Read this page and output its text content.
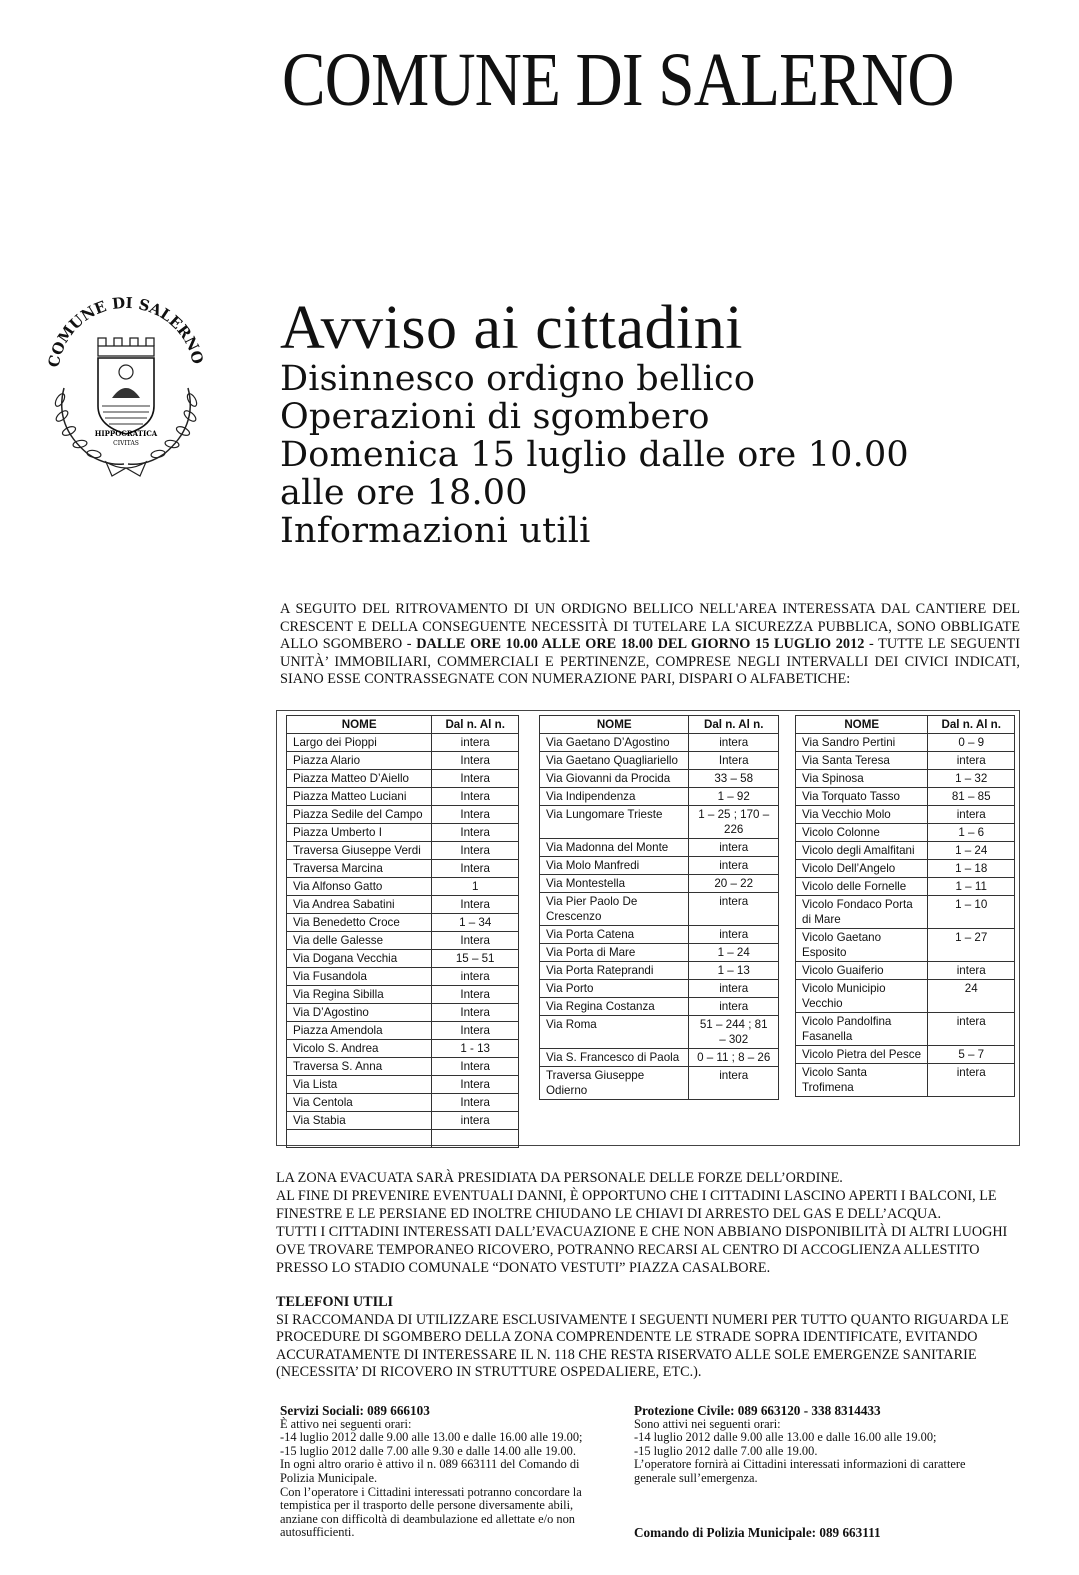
COMUNE DI SALERNO
COMUNE DI SALERNO
HIPPOCRATICA
CIVITAS
Avviso ai cittadini
Disinnesco ordigno bellico
Operazioni di sgombero
Domenica 15 luglio dalle ore 10.00
alle ore 18.00
Informazioni utili
A SEGUITO DEL RITROVAMENTO DI UN ORDIGNO BELLICO NELL'AREA INTERESSATA DAL CANTIERE DEL CRESCENT E DELLA CONSEGUENTE NECESSITÀ DI TUTELARE LA SICUREZZA PUBBLICA, SONO OBBLIGATE ALLO SGOMBERO - DALLE ORE 10.00 ALLE ORE 18.00 DEL GIORNO 15 LUGLIO 2012 - TUTTE LE SEGUENTI UNITÀ’ IMMOBILIARI, COMMERCIALI E PERTINENZE, COMPRESE NEGLI INTERVALLI DEI CIVICI INDICATI, SIANO ESSE CONTRASSEGNATE CON NUMERAZIONE PARI, DISPARI O ALFABETICHE:
NOME	Dal n. Al n.
Largo dei Pioppi	intera
Piazza Alario	Intera
Piazza Matteo D’Aiello	Intera
Piazza Matteo Luciani	Intera
Piazza Sedile del Campo	Intera
Piazza Umberto I	Intera
Traversa Giuseppe Verdi	Intera
Traversa Marcina	Intera
Via Alfonso Gatto	1
Via Andrea Sabatini	Intera
Via Benedetto Croce	1 – 34
Via delle Galesse	Intera
Via Dogana Vecchia	15 – 51
Via Fusandola	intera
Via Regina Sibilla	Intera
Via D’Agostino	Intera
Piazza Amendola	Intera
Vicolo S. Andrea	1 - 13
Traversa S. Anna	Intera
Via Lista	Intera
Via Centola	Intera
Via Stabia	intera

NOME	Dal n. Al n.
Via Gaetano D’Agostino	intera
Via Gaetano Quagliariello	Intera
Via Giovanni da Procida	33 – 58
Via Indipendenza	1 – 92
Via Lungomare Trieste	1 – 25 ; 170 – 226
Via Madonna del Monte	intera
Via Molo Manfredi	intera
Via Montestella	20 – 22
Via Pier Paolo De Crescenzo	intera
Via Porta Catena	intera
Via Porta di Mare	1 – 24
Via Porta Rateprandi	1 – 13
Via Porto	intera
Via Regina Costanza	intera
Via Roma	51 – 244 ; 81 – 302
Via S. Francesco di Paola	0 – 11 ; 8 – 26
Traversa Giuseppe Odierno	intera
NOME	Dal n. Al n.
Via Sandro Pertini	0 – 9
Via Santa Teresa	intera
Via Spinosa	1 – 32
Via Torquato Tasso	81 – 85
Via Vecchio Molo	intera
Vicolo Colonne	1 – 6
Vicolo degli Amalfitani	1 – 24
Vicolo Dell’Angelo	1 – 18
Vicolo delle Fornelle	1 – 11
Vicolo Fondaco Porta di Mare	1 – 10
Vicolo Gaetano Esposito	1 – 27
Vicolo Guaiferio	intera
Vicolo Municipio Vecchio	24
Vicolo Pandolfina Fasanella	intera
Vicolo Pietra del Pesce	5 – 7
Vicolo Santa Trofimena	intera
LA ZONA EVACUATA SARÀ PRESIDIATA DA PERSONALE DELLE FORZE DELL’ORDINE.
AL FINE DI PREVENIRE EVENTUALI DANNI, È OPPORTUNO CHE I CITTADINI LASCINO APERTI I BALCONI, LE FINESTRE E LE PERSIANE ED INOLTRE CHIUDANO LE CHIAVI DI ARRESTO DEL GAS E DELL’ACQUA.
TUTTI I CITTADINI INTERESSATI DALL’EVACUAZIONE E CHE NON ABBIANO DISPONIBILITÀ DI ALTRI LUOGHI OVE TROVARE TEMPORANEO RICOVERO, POTRANNO RECARSI AL CENTRO DI ACCOGLIENZA ALLESTITO PRESSO LO STADIO COMUNALE “DONATO VESTUTI” PIAZZA CASALBORE.
TELEFONI UTILI
SI RACCOMANDA DI UTILIZZARE ESCLUSIVAMENTE I SEGUENTI NUMERI PER TUTTO QUANTO RIGUARDA LE PROCEDURE DI SGOMBERO DELLA ZONA COMPRENDENTE LE STRADE SOPRA IDENTIFICATE, EVITANDO ACCURATAMENTE DI INTERESSARE IL N. 118 CHE RESTA RISERVATO ALLE SOLE EMERGENZE SANITARIE (NECESSITA’ DI RICOVERO IN STRUTTURE OSPEDALIERE, ETC.).
Servizi Sociali: 089 666103
È attivo nei seguenti orari:
-14 luglio 2012 dalle 9.00 alle 13.00 e dalle 16.00 alle 19.00;
-15 luglio 2012 dalle 7.00 alle 9.30 e dalle 14.00 alle 19.00.
In ogni altro orario è attivo il n. 089 663111 del Comando di Polizia Municipale.
Con l’operatore i Cittadini interessati potranno concordare la tempistica per il trasporto delle persone diversamente abili, anziane con difficoltà di deambulazione ed allettate e/o non autosufficienti.
Protezione Civile: 089 663120 - 338 8314433
Sono attivi nei seguenti orari:
-14 luglio 2012 dalle 9.00 alle 13.00 e dalle 16.00 alle 19.00;
-15 luglio 2012 dalle 7.00 alle 19.00.
L’operatore fornirà ai Cittadini interessati informazioni di carattere generale sull’emergenza.
Comando di Polizia Municipale: 089 663111
